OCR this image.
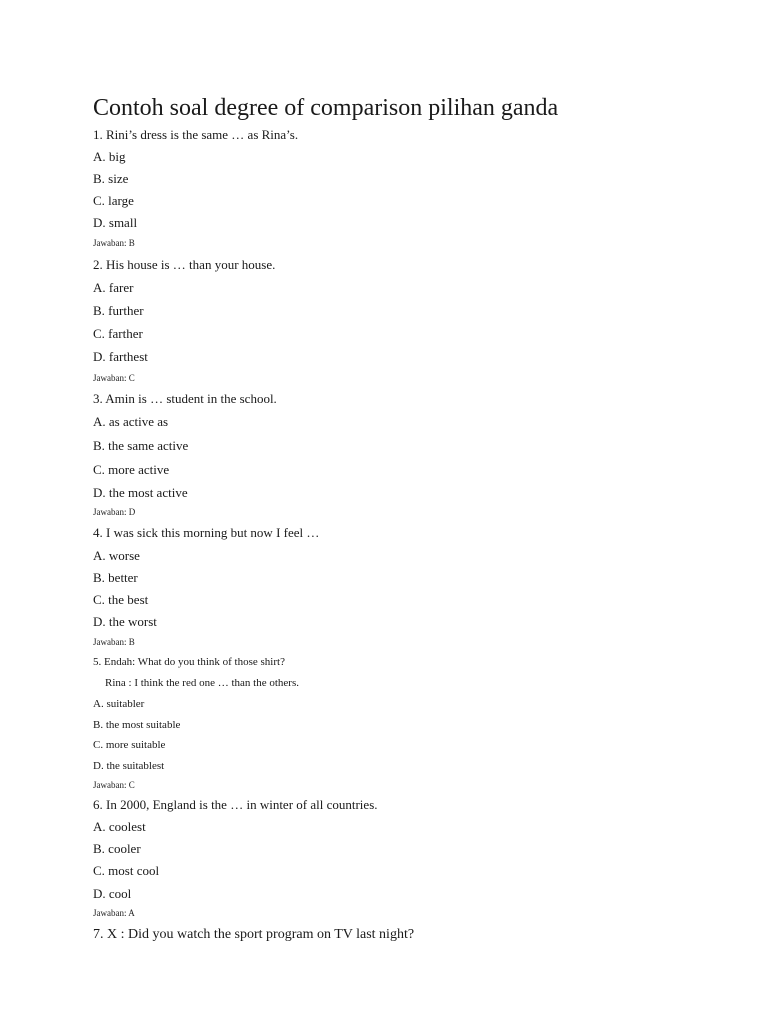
Contoh soal degree of comparison pilihan ganda

1. Rini’s dress is the same … as Rina’s.

A. big

B. size

C. large

D. small

Jawaban: B

2. His house is … than your house.

A. farer

B. further

C. farther

D. farthest

Jawaban: C

3. Amin is … student in the school.

A. as active as

B. the same active

C. more active

D. the most active

Jawaban: D

4. I was sick this morning but now I feel …

A. worse

B. better

C. the best

D. the worst

Jawaban: B

5. Endah: What do you think of those shirt?

Rina : I think the red one … than the others.

A. suitabler

B. the most suitable

C. more suitable

D. the suitablest

Jawaban: C

6. In 2000, England is the … in winter of all countries.

A. coolest

B. cooler

C. most cool

D. cool

Jawaban: A

7. X : Did you watch the sport program on TV last night?
